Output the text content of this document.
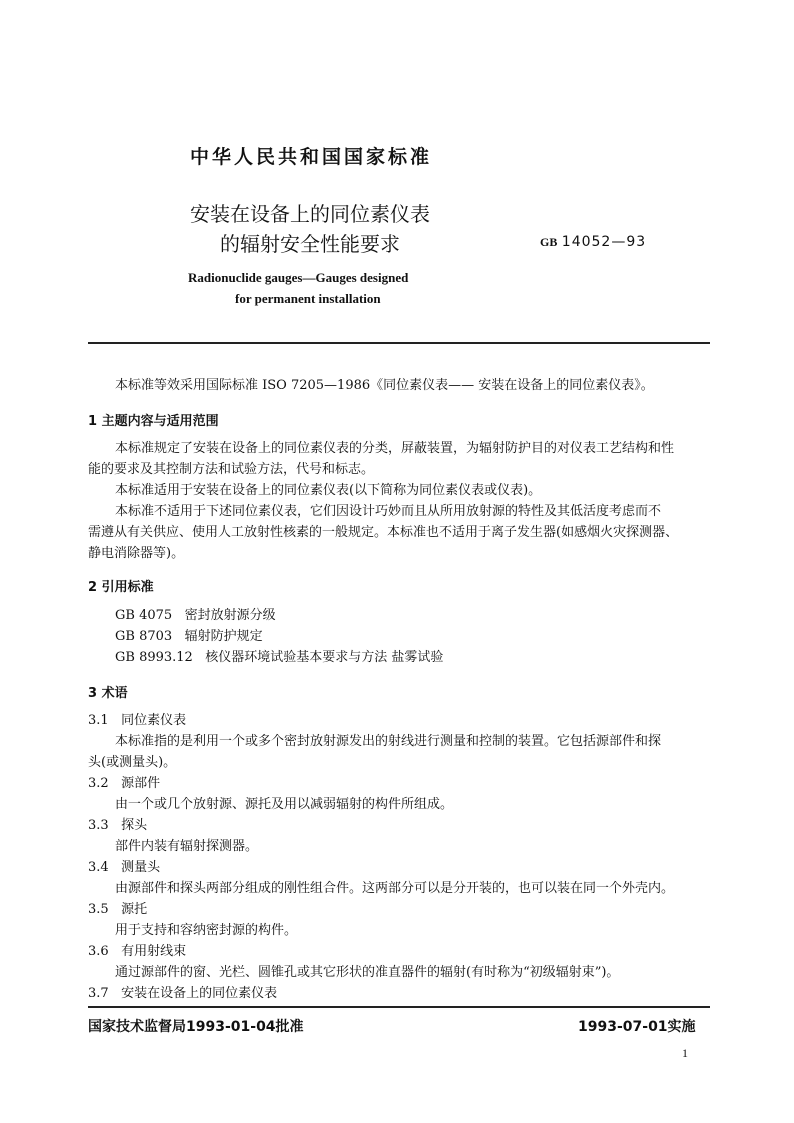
中华人民共和国国家标准
安装在设备上的同位素仪表
的辐射安全性能要求	GB 14052—93
Radionuclide gauges—Gauges designed
for permanent installation
本标准等效采用国际标准 ISO 7205—1986《同位素仪表—— 安装在设备上的同位素仪表》。
1 主题内容与适用范围
本标准规定了安装在设备上的同位素仪表的分类，屏蔽装置，为辐射防护目的对仪表工艺结构和性
能的要求及其控制方法和试验方法，代号和标志。
本标准适用于安装在设备上的同位素仪表(以下简称为同位素仪表或仪表)。
本标准不适用于下述同位素仪表，它们因设计巧妙而且从所用放射源的特性及其低活度考虑而不
需遵从有关供应、使用人工放射性核素的一般规定。本标准也不适用于离子发生器(如感烟火灾探测器、
静电消除器等)。
2 引用标准
GB 4075 密封放射源分级
GB 8703 辐射防护规定
GB 8993.12 核仪器环境试验基本要求与方法 盐雾试验
3 术语
3.1 同位素仪表
本标准指的是利用一个或多个密封放射源发出的射线进行测量和控制的装置。它包括源部件和探
头(或测量头)。
3.2 源部件
由一个或几个放射源、源托及用以减弱辐射的构件所组成。
3.3 探头
部件内装有辐射探测器。
3.4 测量头
由源部件和探头两部分组成的刚性组合件。这两部分可以是分开装的，也可以装在同一个外壳内。
3.5 源托
用于支持和容纳密封源的构件。
3.6 有用射线束
通过源部件的窗、光栏、圆锥孔或其它形状的准直器件的辐射(有时称为“初级辐射束”)。
3.7 安装在设备上的同位素仪表
国家技术监督局1993-01-04批准	1993-07-01实施
1
